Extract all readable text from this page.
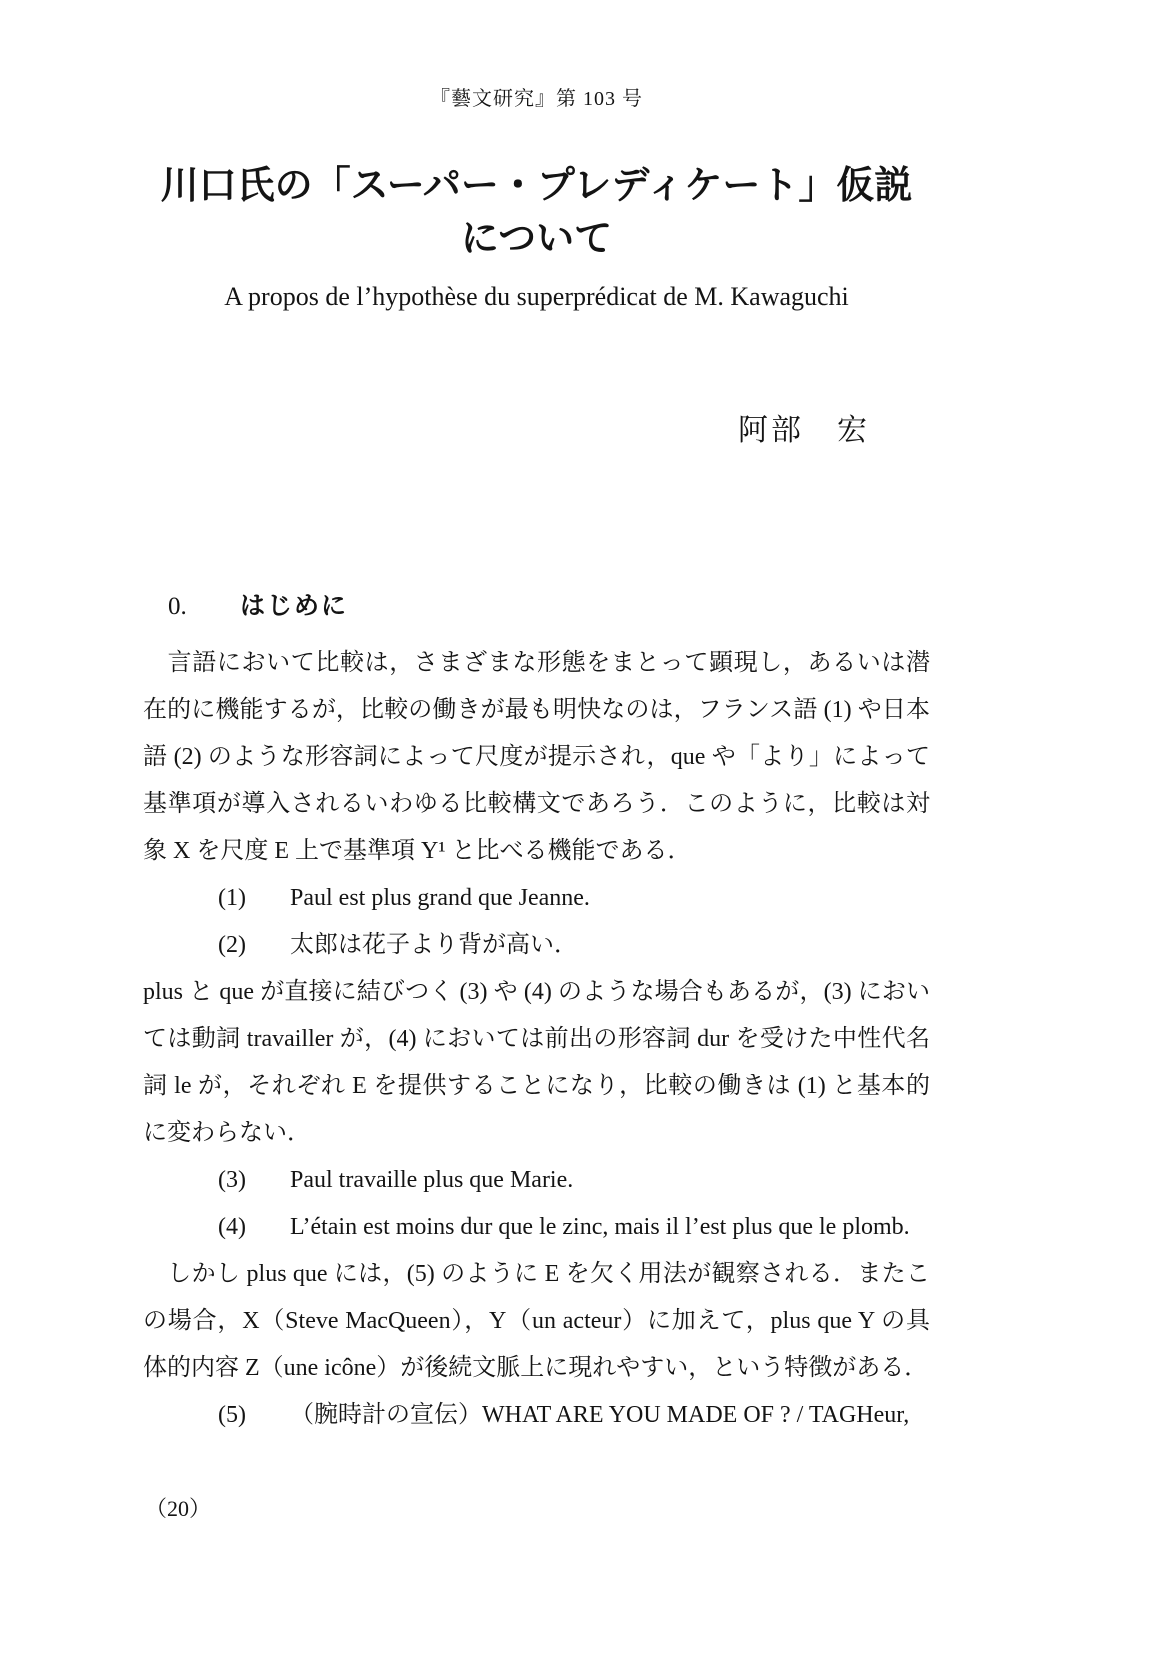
『藝文研究』第 103 号
川口氏の「スーパー・プレディケート」仮説
について
A propos de l’hypothèse du superprédicat de M. Kawaguchi
阿部　宏
0. はじめに

　言語において比較は，さまざまな形態をまとって顕現し，あるいは潜在的に機能するが，比較の働きが最も明快なのは，フランス語 (1) や日本語 (2) のような形容詞によって尺度が提示され，que や「より」によって基準項が導入されるいわゆる比較構文であろう．このように，比較は対象 X を尺度 E 上で基準項 Y¹ と比べる機能である．

(1)	Paul est plus grand que Jeanne.
(2)	太郎は花子より背が高い．

plus と que が直接に結びつく (3) や (4) のような場合もあるが，(3) においては動詞 travailler が，(4) においては前出の形容詞 dur を受けた中性代名詞 le が，それぞれ E を提供することになり，比較の働きは (1) と基本的に変わらない．

(3)	Paul travaille plus que Marie.
(4)	L’étain est moins dur que le zinc, mais il l’est plus que le plomb.

　しかし plus que には，(5) のように E を欠く用法が観察される．またこの場合，X（Steve MacQueen），Y（un acteur）に加えて，plus que Y の具体的内容 Z（une icône）が後続文脈上に現れやすい，という特徴がある．

(5)	（腕時計の宣伝）WHAT ARE YOU MADE OF ? / TAGHeur,
（20）
